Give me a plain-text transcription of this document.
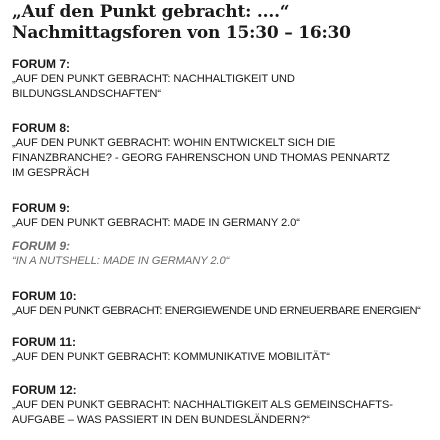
„Auf den Punkt gebracht: ....“
Nachmittagsforen von 15:30 – 16:30
FORUM 7:
„AUF DEN PUNKT GEBRACHT: NACHHALTIGKEIT UND
BILDUNGSLANDSCHAFTEN“
FORUM 8:
„AUF DEN PUNKT GEBRACHT: WOHIN ENTWICKELT SICH DIE
FINANZBRANCHE? - GEORG FAHRENSCHON UND THOMAS PENNARTZ
IM GESPRÄCH
FORUM 9:
„AUF DEN PUNKT GEBRACHT: MADE IN GERMANY 2.0“
FORUM 9:
“IN A NUTSHELL: MADE IN GERMANY 2.0“
FORUM 10:
„AUF DEN PUNKT GEBRACHT: ENERGIEWENDE UND ERNEUERBARE ENERGIEN“
FORUM 11:
„AUF DEN PUNKT GEBRACHT: KOMMUNIKATIVE MOBILITÄT“
FORUM 12:
„AUF DEN PUNKT GEBRACHT: NACHHALTIGKEIT ALS GEMEINSCHAFTS-
AUFGABE – WAS PASSIERT IN DEN BUNDESLÄNDERN?“
